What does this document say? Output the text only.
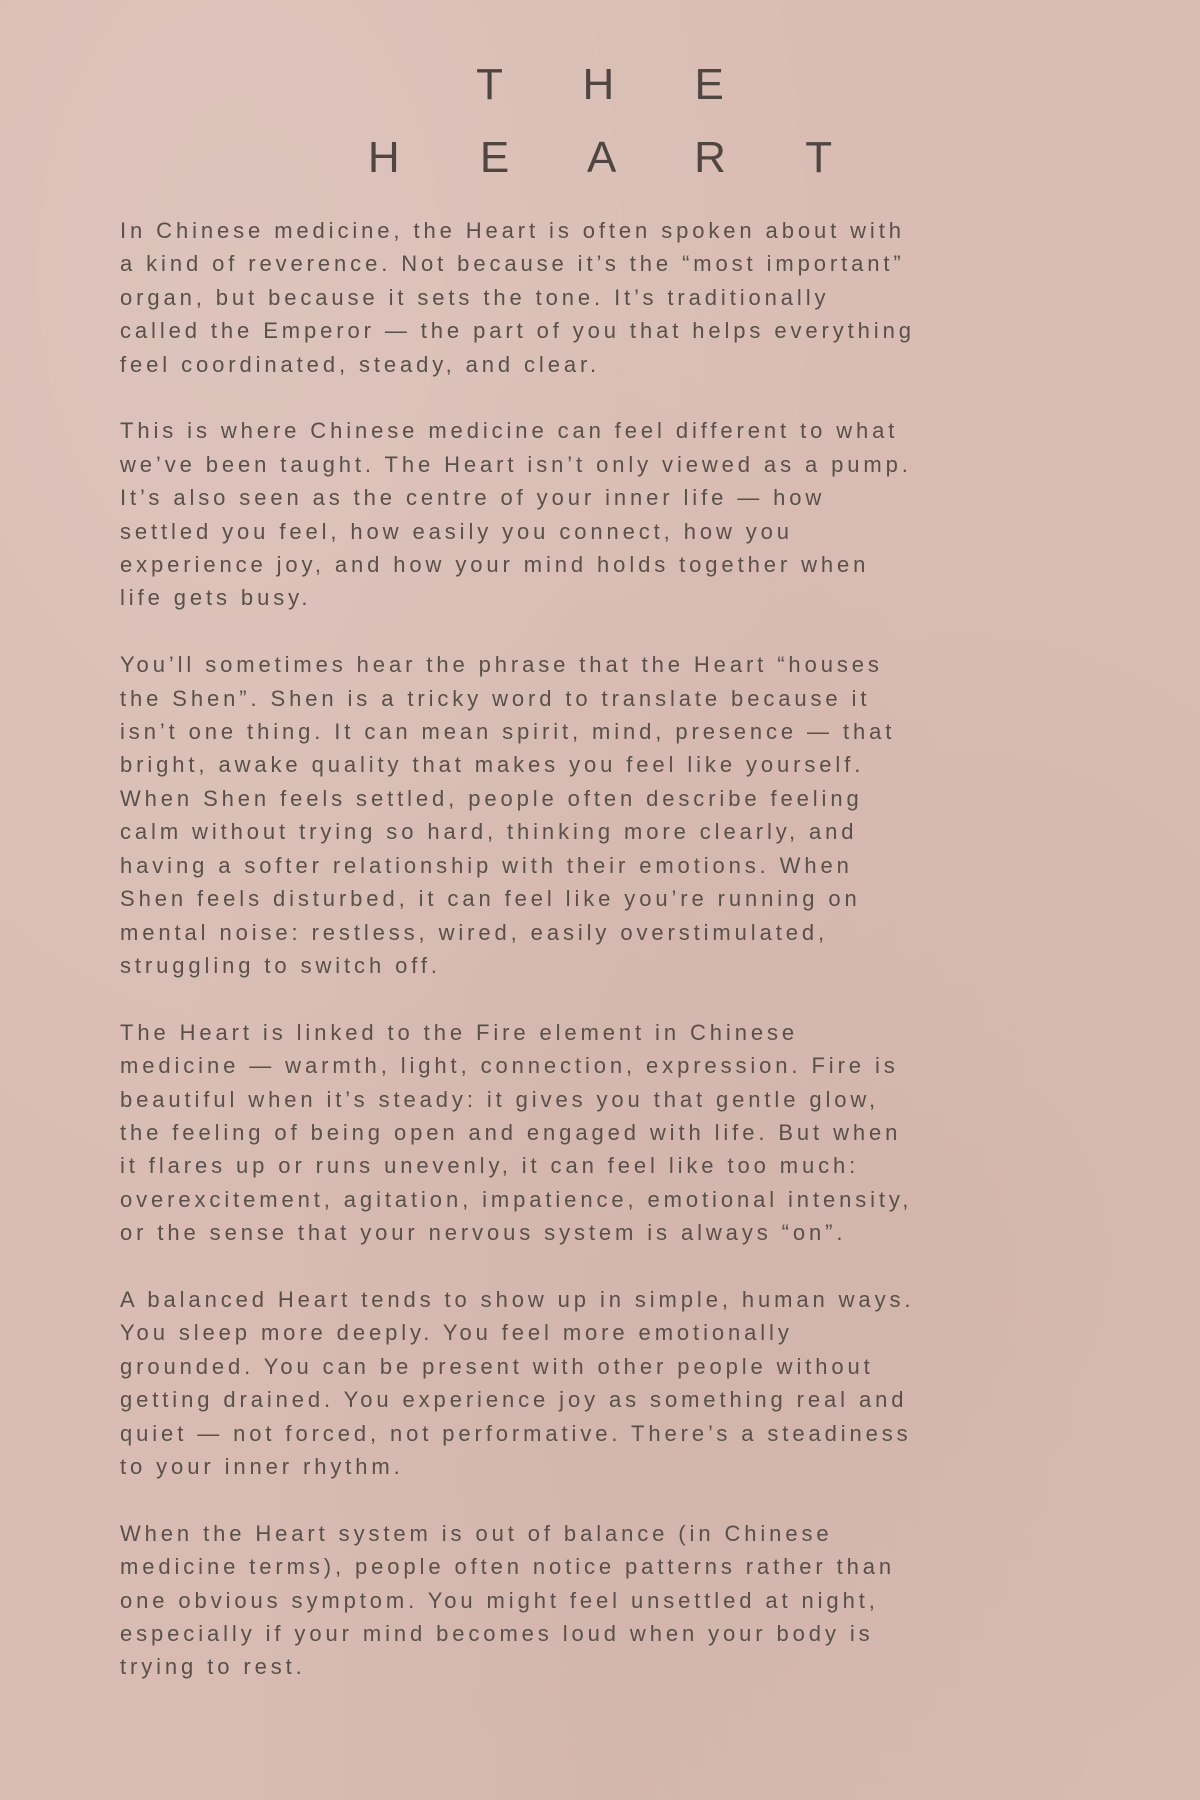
T H E
H E A R T

In Chinese medicine, the Heart is often spoken about with
a kind of reverence. Not because it’s the “most important”
organ, but because it sets the tone. It’s traditionally
called the Emperor — the part of you that helps everything
feel coordinated, steady, and clear.

This is where Chinese medicine can feel different to what
we’ve been taught. The Heart isn’t only viewed as a pump.
It’s also seen as the centre of your inner life — how
settled you feel, how easily you connect, how you
experience joy, and how your mind holds together when
life gets busy.

You’ll sometimes hear the phrase that the Heart “houses
the Shen”. Shen is a tricky word to translate because it
isn’t one thing. It can mean spirit, mind, presence — that
bright, awake quality that makes you feel like yourself.
When Shen feels settled, people often describe feeling
calm without trying so hard, thinking more clearly, and
having a softer relationship with their emotions. When
Shen feels disturbed, it can feel like you’re running on
mental noise: restless, wired, easily overstimulated,
struggling to switch off.

The Heart is linked to the Fire element in Chinese
medicine — warmth, light, connection, expression. Fire is
beautiful when it’s steady: it gives you that gentle glow,
the feeling of being open and engaged with life. But when
it flares up or runs unevenly, it can feel like too much:
overexcitement, agitation, impatience, emotional intensity,
or the sense that your nervous system is always “on”.

A balanced Heart tends to show up in simple, human ways.
You sleep more deeply. You feel more emotionally
grounded. You can be present with other people without
getting drained. You experience joy as something real and
quiet — not forced, not performative. There’s a steadiness
to your inner rhythm.

When the Heart system is out of balance (in Chinese
medicine terms), people often notice patterns rather than
one obvious symptom. You might feel unsettled at night,
especially if your mind becomes loud when your body is
trying to rest.
